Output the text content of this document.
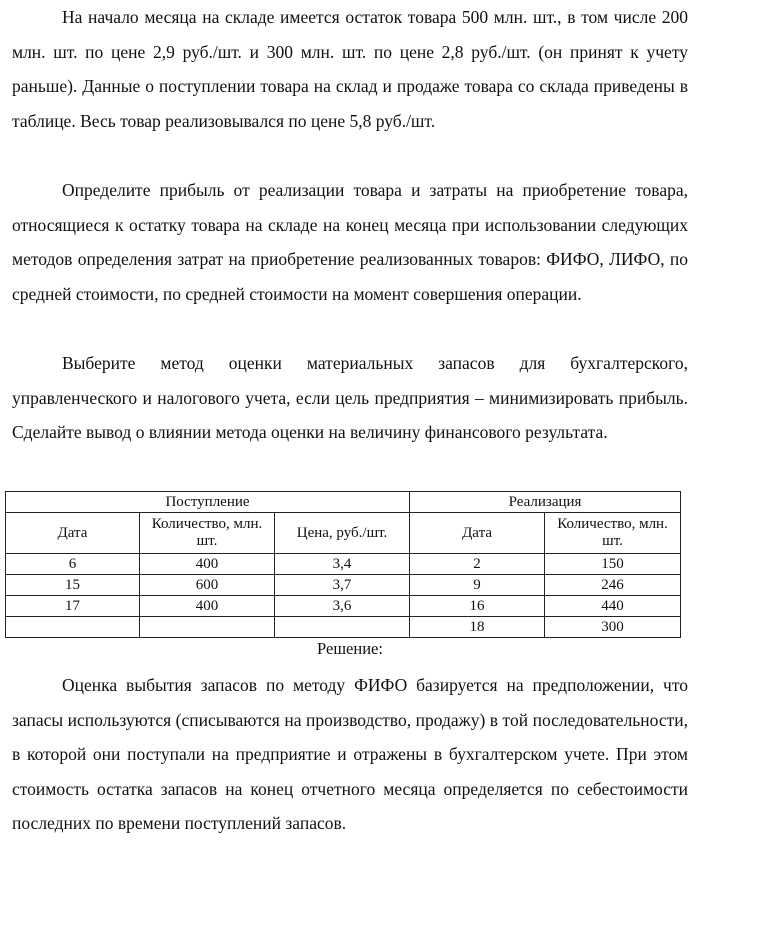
На начало месяца на складе имеется остаток товара 500 млн. шт., в том числе 200 млн. шт. по цене 2,9 руб./шт. и 300 млн. шт. по цене 2,8 руб./шт. (он принят к учету раньше). Данные о поступлении товара на склад и продаже товара со склада приведены в таблице. Весь товар реализовывался по цене 5,8 руб./шт.

Определите прибыль от реализации товара и затраты на приобретение товара, относящиеся к остатку товара на складе на конец месяца при использовании следующих методов определения затрат на приобретение реализованных товаров: ФИФО, ЛИФО, по средней стоимости, по средней стоимости на момент совершения операции.

Выберите метод оценки материальных запасов для бухгалтерского, управленческого и налогового учета, если цель предприятия – минимизировать прибыль. Сделайте вывод о влиянии метода оценки на величину финансового результата.

Поступление			Реализация	
Дата	Количество, млн. шт.	Цена, руб./шт.	Дата	Количество, млн. шт.
6	400	3,4	2	150
15	600	3,7	9	246
17	400	3,6	16	440
			18	300
Решение:

Оценка выбытия запасов по методу ФИФО базируется на предположении, что запасы используются (списываются на производство, продажу) в той последовательности, в которой они поступали на предприятие и отражены в бухгалтерском учете. При этом стоимость остатка запасов на конец отчетного месяца определяется по себестоимости последних по времени поступлений запасов.
